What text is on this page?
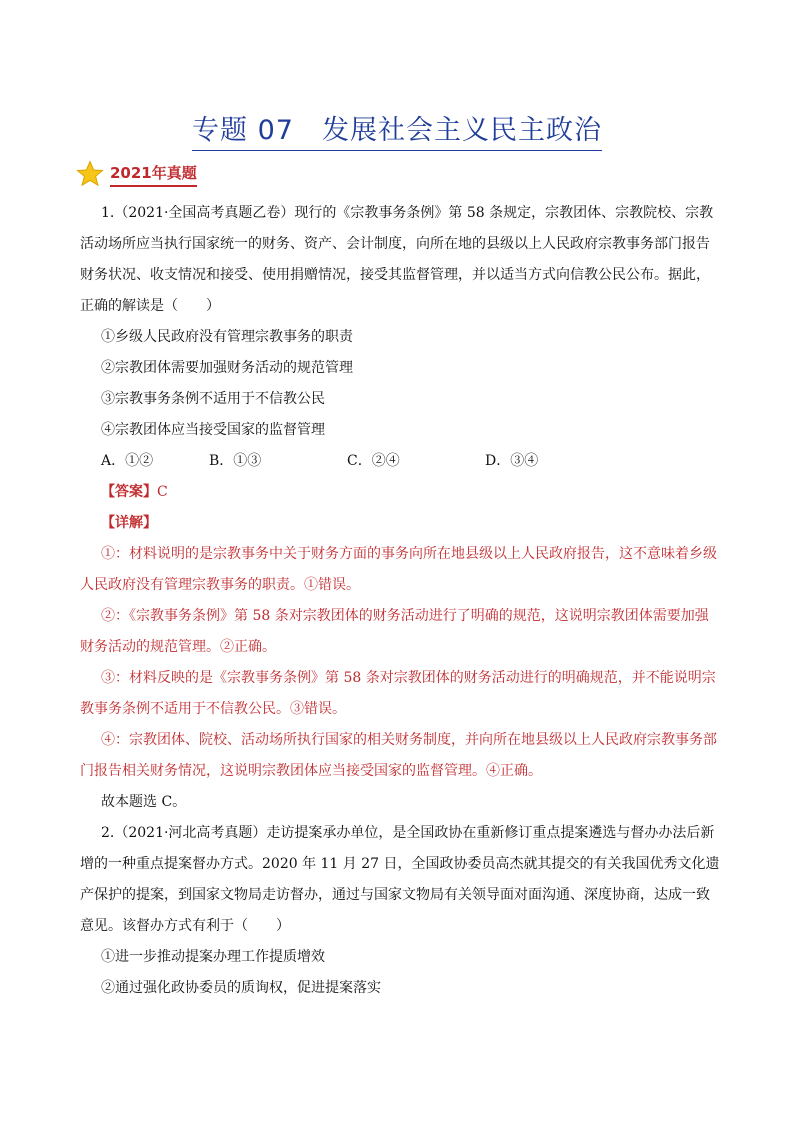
专题 07　发展社会主义民主政治
2021年真题

1.（2021·全国高考真题乙卷）现行的《宗教事务条例》第 58 条规定，宗教团体、宗教院校、宗教活动场所应当执行国家统一的财务、资产、会计制度，向所在地的县级以上人民政府宗教事务部门报告财务状况、收支情况和接受、使用捐赠情况，接受其监督管理，并以适当方式向信教公民公布。据此，正确的解读是（　　）

①乡级人民政府没有管理宗教事务的职责

②宗教团体需要加强财务活动的规范管理

③宗教事务条例不适用于不信教公民

④宗教团体应当接受国家的监督管理

A．①②	B．①③	C．②④	D．③④

【答案】C

【详解】

①：材料说明的是宗教事务中关于财务方面的事务向所在地县级以上人民政府报告，这不意味着乡级人民政府没有管理宗教事务的职责。①错误。

②：《宗教事务条例》第 58 条对宗教团体的财务活动进行了明确的规范，这说明宗教团体需要加强财务活动的规范管理。②正确。

③：材料反映的是《宗教事务条例》第 58 条对宗教团体的财务活动进行的明确规范，并不能说明宗教事务条例不适用于不信教公民。③错误。

④：宗教团体、院校、活动场所执行国家的相关财务制度，并向所在地县级以上人民政府宗教事务部门报告相关财务情况，这说明宗教团体应当接受国家的监督管理。④正确。

故本题选 C。

2.（2021·河北高考真题）走访提案承办单位，是全国政协在重新修订重点提案遴选与督办办法后新增的一种重点提案督办方式。2020 年 11 月 27 日，全国政协委员高杰就其提交的有关我国优秀文化遗产保护的提案，到国家文物局走访督办，通过与国家文物局有关领导面对面沟通、深度协商，达成一致意见。该督办方式有利于（　　）

①进一步推动提案办理工作提质增效

②通过强化政协委员的质询权，促进提案落实
